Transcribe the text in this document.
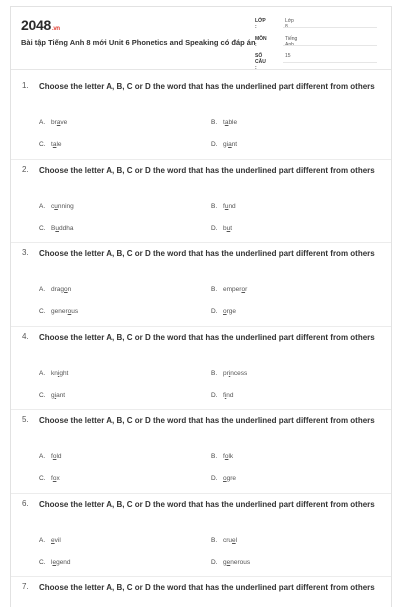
2048.vn
Bài tập Tiếng Anh 8 mới Unit 6 Phonetics and Speaking có đáp án
LỚP :
Lớp 8
MÔN :
Tiếng Anh
SỐ CÂU :
15
1. Choose the letter A, B, C or D the word that has the underlined part different from others
A. brave	B. table
C. tale	D. giant
2. Choose the letter A, B, C or D the word that has the underlined part different from others
A. cunning	B. fund
C. Buddha	D. but
3. Choose the letter A, B, C or D the word that has the underlined part different from others
A. dragon	B. emperor
C. generous	D. orge
4. Choose the letter A, B, C or D the word that has the underlined part different from others
A. knight	B. princess
C. giant	D. find
5. Choose the letter A, B, C or D the word that has the underlined part different from others
A. fold	B. folk
C. fox	D. ogre
6. Choose the letter A, B, C or D the word that has the underlined part different from others
A. evil	B. cruel
C. legend	D. generous
7. Choose the letter A, B, C or D the word that has the underlined part different from others
